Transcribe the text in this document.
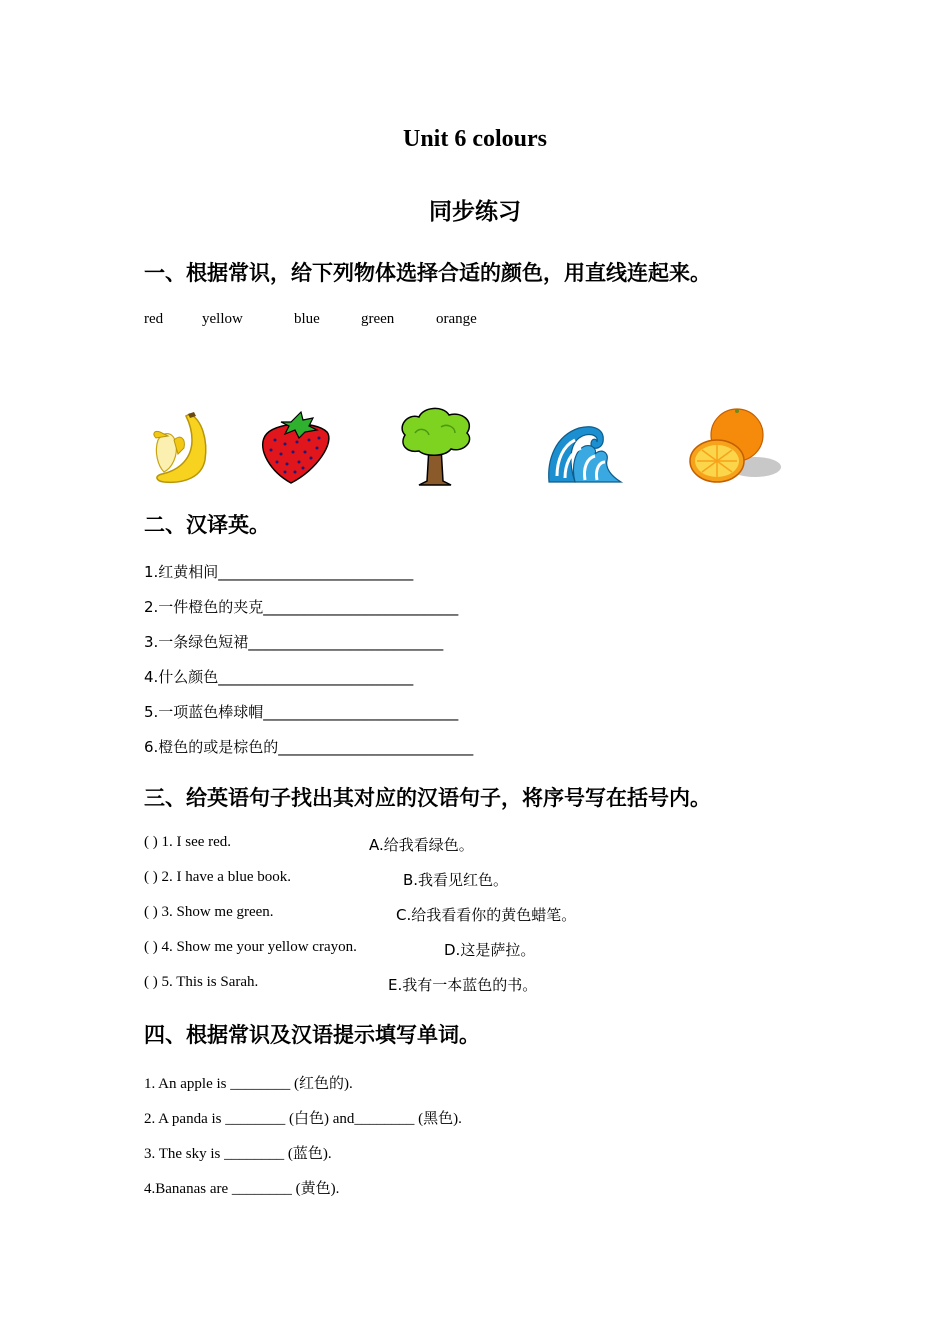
Unit 6 colours
同步练习
一、根据常识，给下列物体选择合适的颜色，用直线连起来。
red	yellow	blue	green	orange
二、汉译英。
1.红黄相间__________________________
2.一件橙色的夹克__________________________
3.一条绿色短裙__________________________
4.什么颜色__________________________
5.一项蓝色棒球帽__________________________
6.橙色的或是棕色的__________________________
三、给英语句子找出其对应的汉语句子，将序号写在括号内。
( ) 1. I see red.	A.给我看绿色。
( ) 2. I have a blue book.	B.我看见红色。
( ) 3. Show me green.	C.给我看看你的黄色蜡笔。
( ) 4. Show me your yellow crayon.	D.这是萨拉。
( ) 5. This is Sarah.	E.我有一本蓝色的书。
四、根据常识及汉语提示填写单词。
1. An apple is ________ (红色的).
2. A panda is ________ (白色) and________ (黑色).
3. The sky is ________ (蓝色).
4.Bananas are ________ (黄色).
